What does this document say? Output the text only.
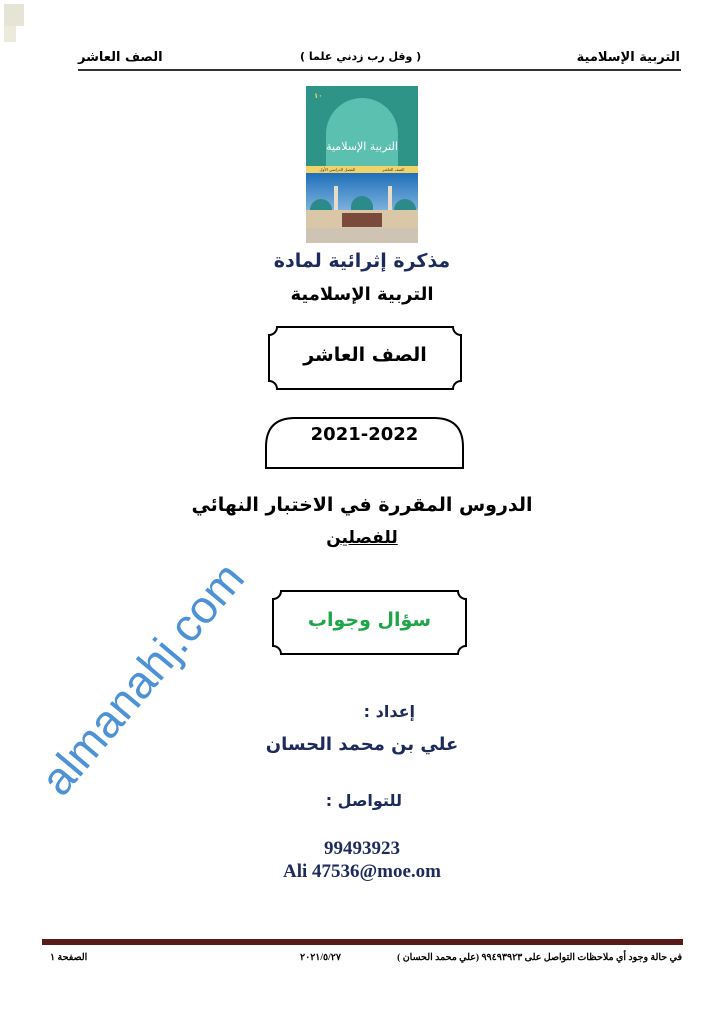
التربية الإسلامية
( وقل رب زدني علما )
الصف العاشر
١٠
التربية الإسلامية
الصف العاشر
الفصل الدراسي الأول
مذكرة إثرائية لمادة
التربية الإسلامية
الصف العاشر
2021-2022
الدروس المقررة في الاختبار النهائي
للفصلين
سؤال وجواب
إعداد :
علي بن محمد الحسان
للتواصل :
99493923
Ali 47536@moe.om
almanahj.com
في حالة وجود أي ملاحظات التواصل على ٩٩٤٩٣٩٢٣ (علي محمد الحسان )
٢٠٢١/٥/٢٧
الصفحة ١
